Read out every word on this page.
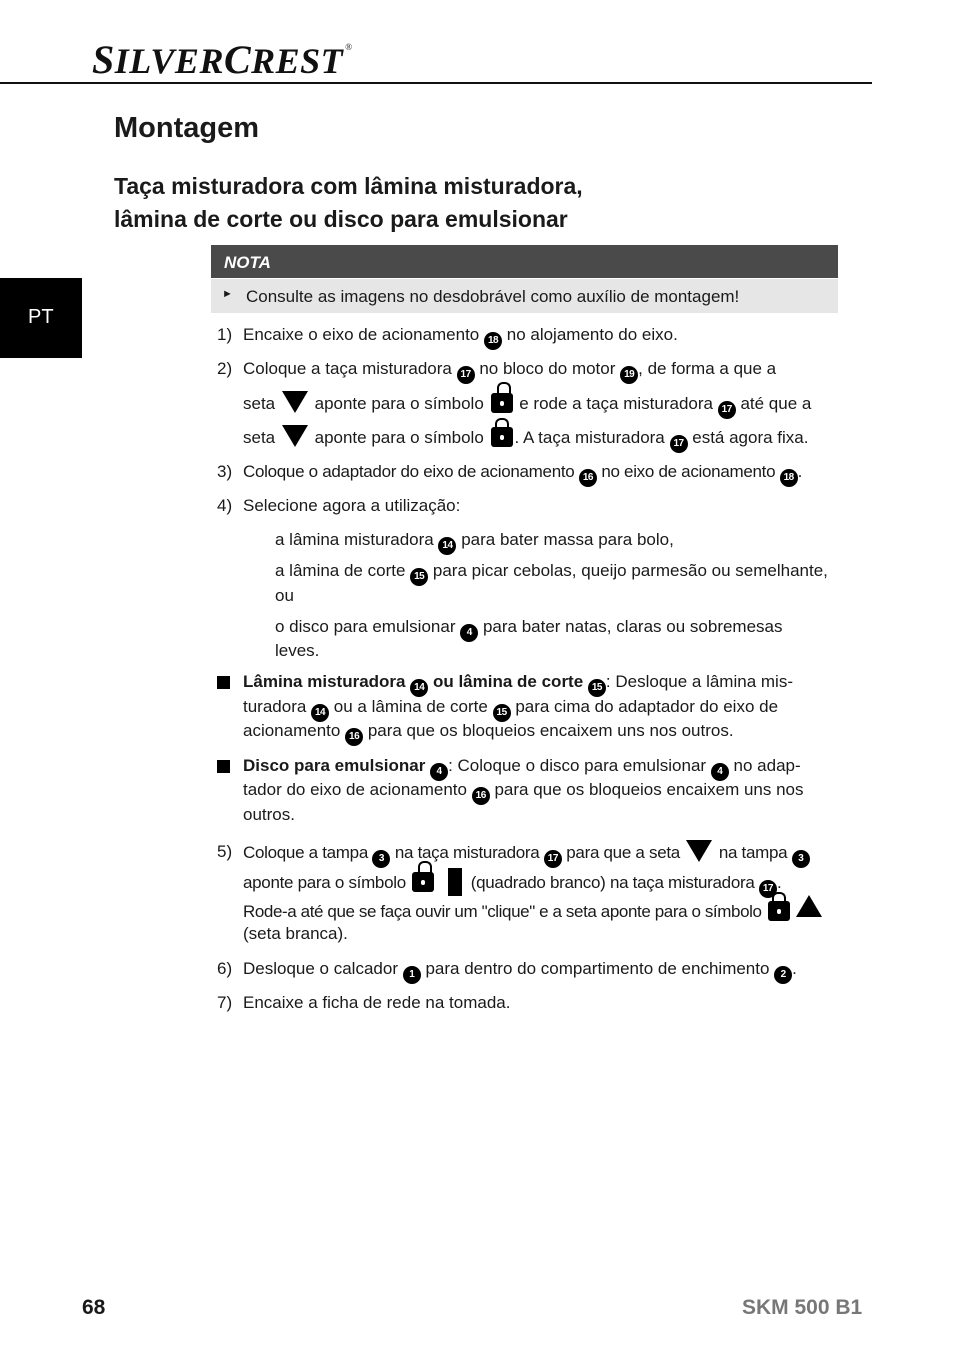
SILVERCREST ®
PT
Montagem
Taça misturadora com lâmina misturadora,
lâmina de corte ou disco para emulsionar
NOTA
► Consulte as imagens no desdobrável como auxílio de montagem!
1) Encaixe o eixo de acionamento 18 no alojamento do eixo.
2) Coloque a taça misturadora 17 no bloco do motor 19 , de forma a que a
seta aponte para o símbolo e rode a taça misturadora 17 até que a
seta aponte para o símbolo . A taça misturadora 17 está agora fixa.
3) Coloque o adaptador do eixo de acionamento 16 no eixo de acionamento 18 .
4) Selecione agora a utilização:
a lâmina misturadora 14 para bater massa para bolo,
a lâmina de corte 15 para picar cebolas, queijo parmesão ou semelhante,
ou
o disco para emulsionar 4 para bater natas, claras ou sobremesas
leves.
Lâmina misturadora 14 ou lâmina de corte 15 : Desloque a lâmina mis-
turadora 14 ou a lâmina de corte 15 para cima do adaptador do eixo de
acionamento 16 para que os bloqueios encaixem uns nos outros.
Disco para emulsionar 4 : Coloque o disco para emulsionar 4 no adap-
tador do eixo de acionamento 16 para que os bloqueios encaixem uns nos
outros.
5) Coloque a tampa 3 na taça misturadora 17 para que a seta na tampa 3
aponte para o símbolo	(quadrado branco) na taça misturadora 17 .
Rode-a até que se faça ouvir um "clique" e a seta aponte para o símbolo
(seta branca).
6) Desloque o calcador 1 para dentro do compartimento de enchimento 2 .
7) Encaixe a ficha de rede na tomada.
68	SKM 500 B1
